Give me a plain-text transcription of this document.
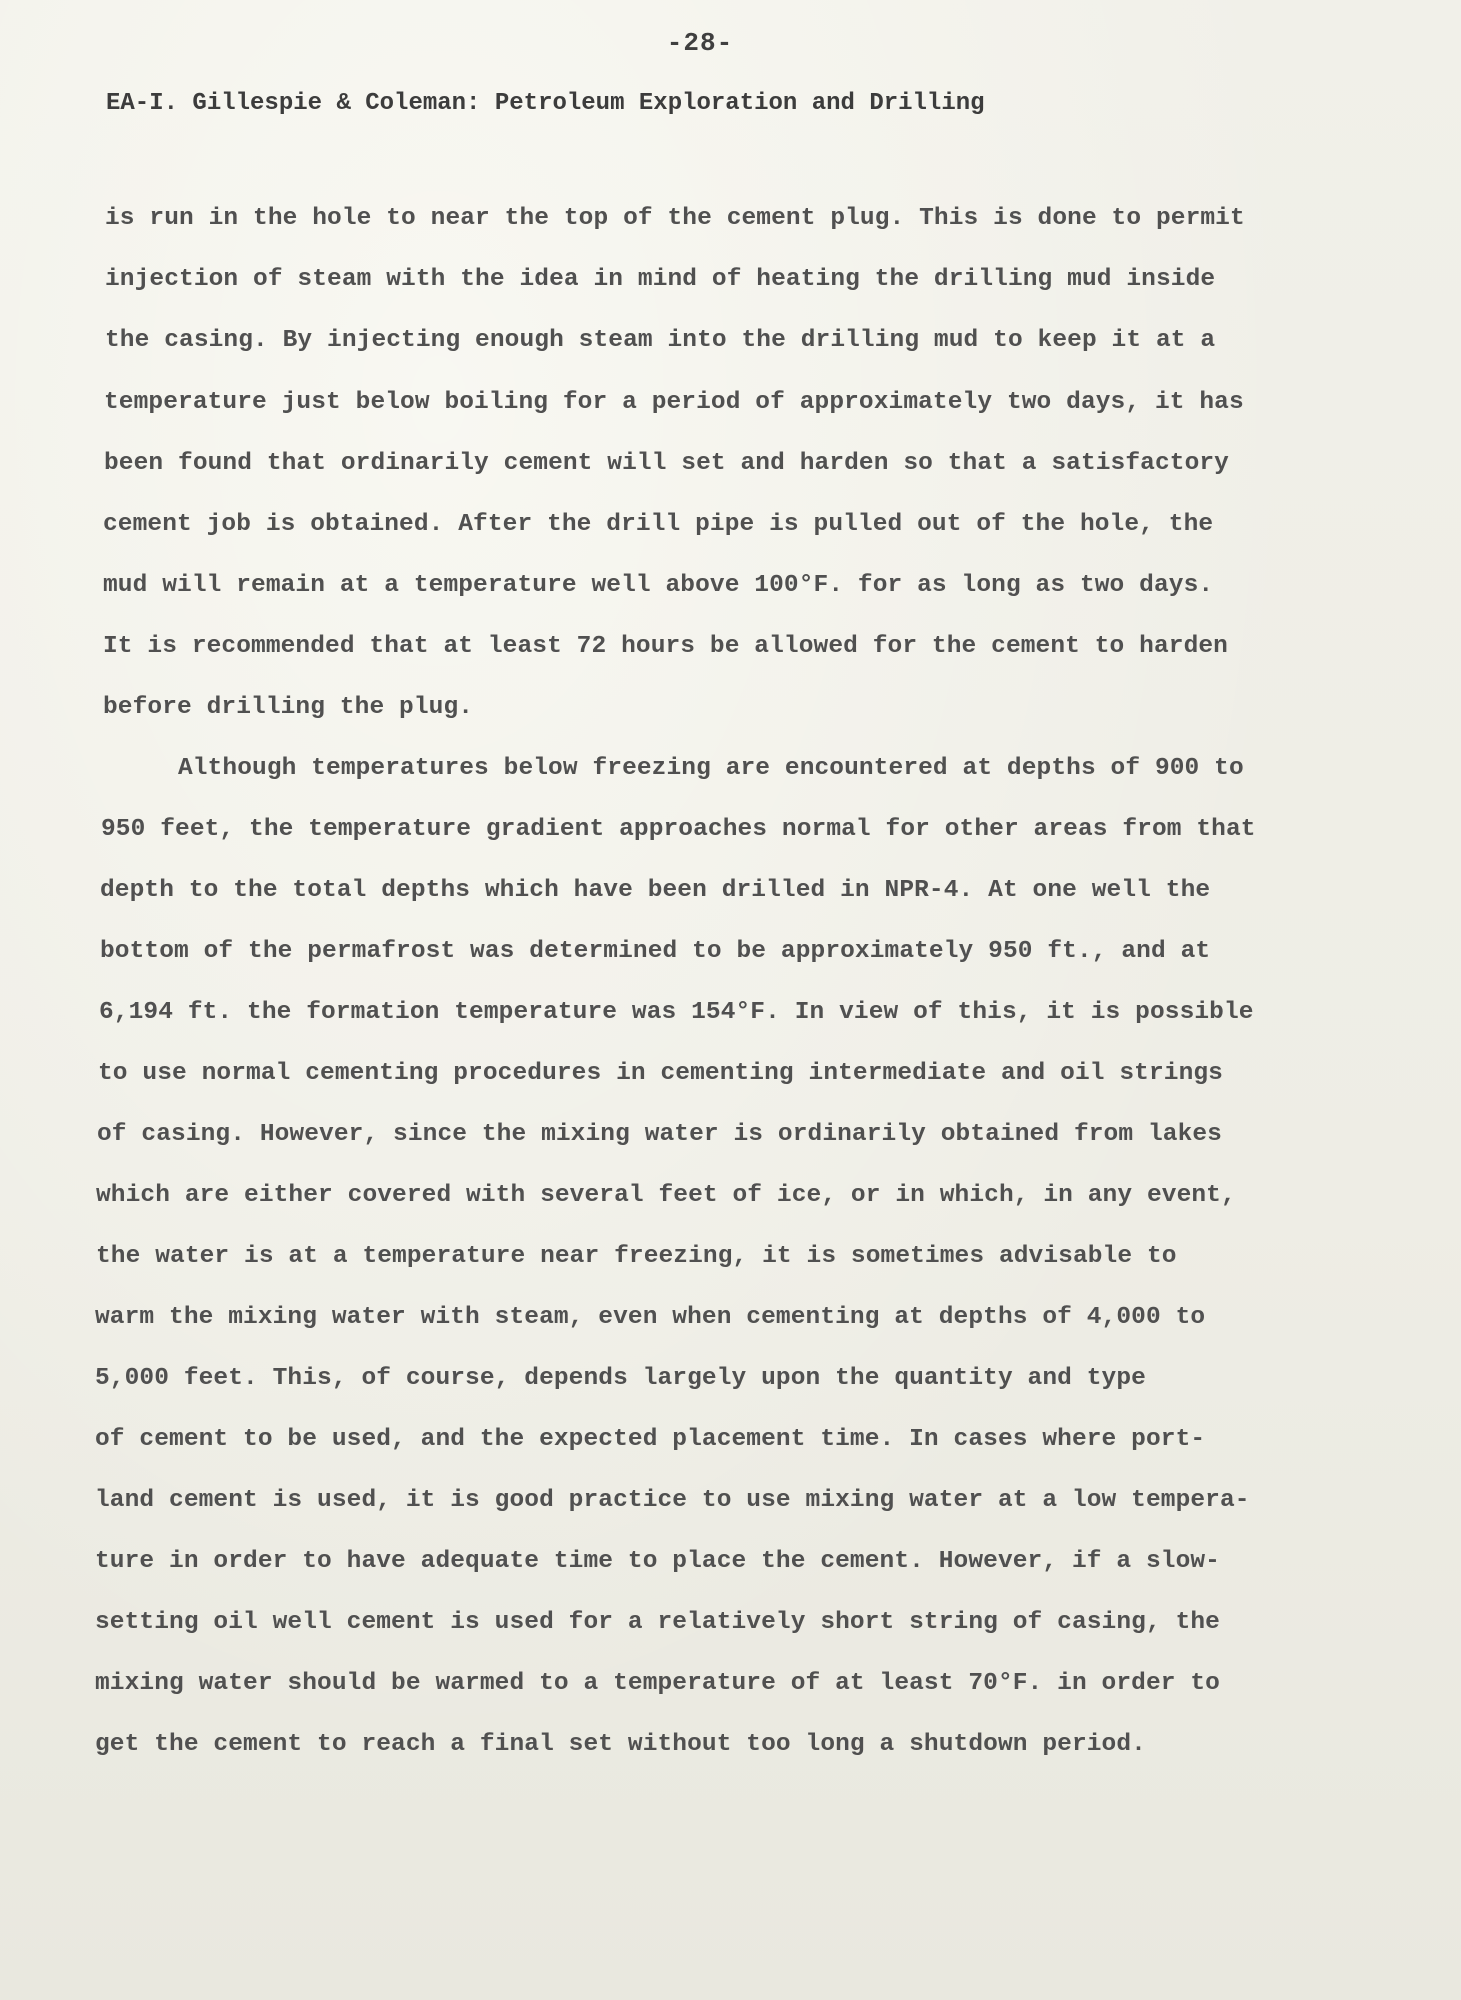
-28-
EA-I. Gillespie & Coleman: Petroleum Exploration and Drilling
is run in the hole to near the top of the cement plug. This is done to permit
injection of steam with the idea in mind of heating the drilling mud inside
the casing. By injecting enough steam into the drilling mud to keep it at a
temperature just below boiling for a period of approximately two days, it has
been found that ordinarily cement will set and harden so that a satisfactory
cement job is obtained. After the drill pipe is pulled out of the hole, the
mud will remain at a temperature well above 100°F. for as long as two days.
It is recommended that at least 72 hours be allowed for the cement to harden
before drilling the plug.
Although temperatures below freezing are encountered at depths of 900 to
950 feet, the temperature gradient approaches normal for other areas from that
depth to the total depths which have been drilled in NPR-4. At one well the
bottom of the permafrost was determined to be approximately 950 ft., and at
6,194 ft. the formation temperature was 154°F. In view of this, it is possible
to use normal cementing procedures in cementing intermediate and oil strings
of casing. However, since the mixing water is ordinarily obtained from lakes
which are either covered with several feet of ice, or in which, in any event,
the water is at a temperature near freezing, it is sometimes advisable to
warm the mixing water with steam, even when cementing at depths of 4,000 to
5,000 feet. This, of course, depends largely upon the quantity and type
of cement to be used, and the expected placement time. In cases where port-
land cement is used, it is good practice to use mixing water at a low tempera-
ture in order to have adequate time to place the cement. However, if a slow-
setting oil well cement is used for a relatively short string of casing, the
mixing water should be warmed to a temperature of at least 70°F. in order to
get the cement to reach a final set without too long a shutdown period.
